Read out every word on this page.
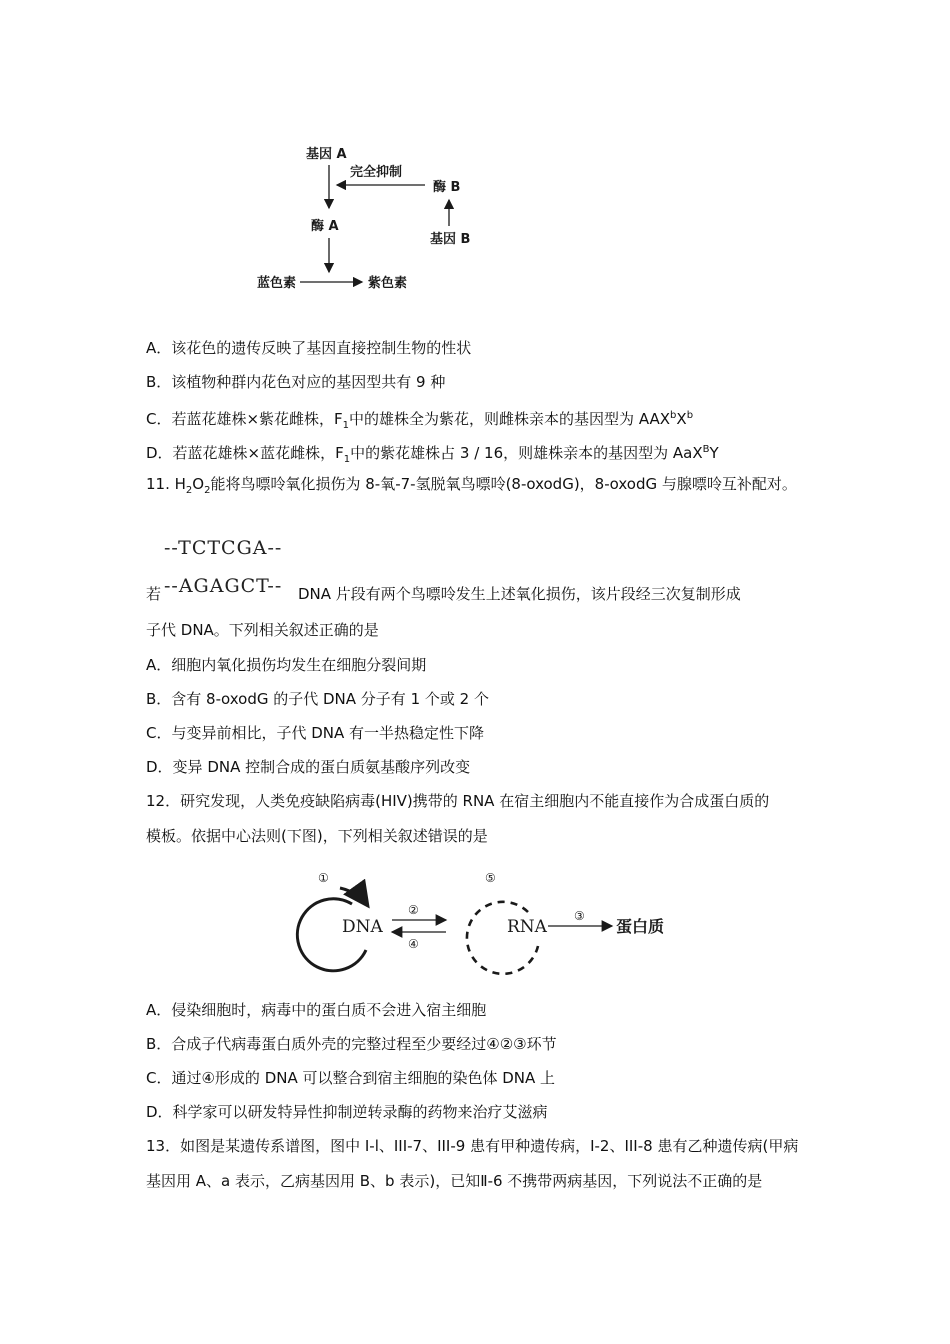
基因 A
完全抑制
酶 B
基因 B
酶 A
蓝色素	紫色素
A．该花色的遗传反映了基因直接控制生物的性状
B．该植物种群内花色对应的基因型共有 9 种
C．若蓝花雄株×紫花雌株，$F_1$中的雄株全为紫花，则雌株亲本的基因型为 $AAX^bX^b$
D．若蓝花雄株×蓝花雌株，$F_1$中的紫花雄株占 3 / 16，则雄株亲本的基因型为 AaX$^B$Y
11. $H_2O_2$能将鸟嘌呤氧化损伤为 8-氧-7-氢脱氧鸟嘌呤(8-oxodG)，8-oxodG 与腺嘌呤互补配对。
--TCTCGA--
--AGAGCT--
若	DNA 片段有两个鸟嘌呤发生上述氧化损伤，该片段经三次复制形成
子代 DNA。下列相关叙述正确的是
A．细胞内氧化损伤均发生在细胞分裂间期
B．含有 8-oxodG 的子代 DNA 分子有 1 个或 2 个
C．与变异前相比，子代 DNA 有一半热稳定性下降
D．变异 DNA 控制合成的蛋白质氨基酸序列改变
12．研究发现，人类免疫缺陷病毒(HIV)携带的 RNA 在宿主细胞内不能直接作为合成蛋白质的
模板。依据中心法则(下图)，下列相关叙述错误的是
①
DNA
②
④
⑤
RNA
③
蛋白质
A．侵染细胞时，病毒中的蛋白质不会进入宿主细胞
B．合成子代病毒蛋白质外壳的完整过程至少要经过④②③环节
C．通过④形成的 DNA 可以整合到宿主细胞的染色体 DNA 上
D．科学家可以研发特异性抑制逆转录酶的药物来治疗艾滋病
13．如图是某遗传系谱图，图中 I-l、III-7、III-9 患有甲种遗传病，I-2、III-8 患有乙种遗传病(甲病
基因用 A、a 表示，乙病基因用 B、b 表示)，已知Ⅱ-6 不携带两病基因，下列说法不正确的是
